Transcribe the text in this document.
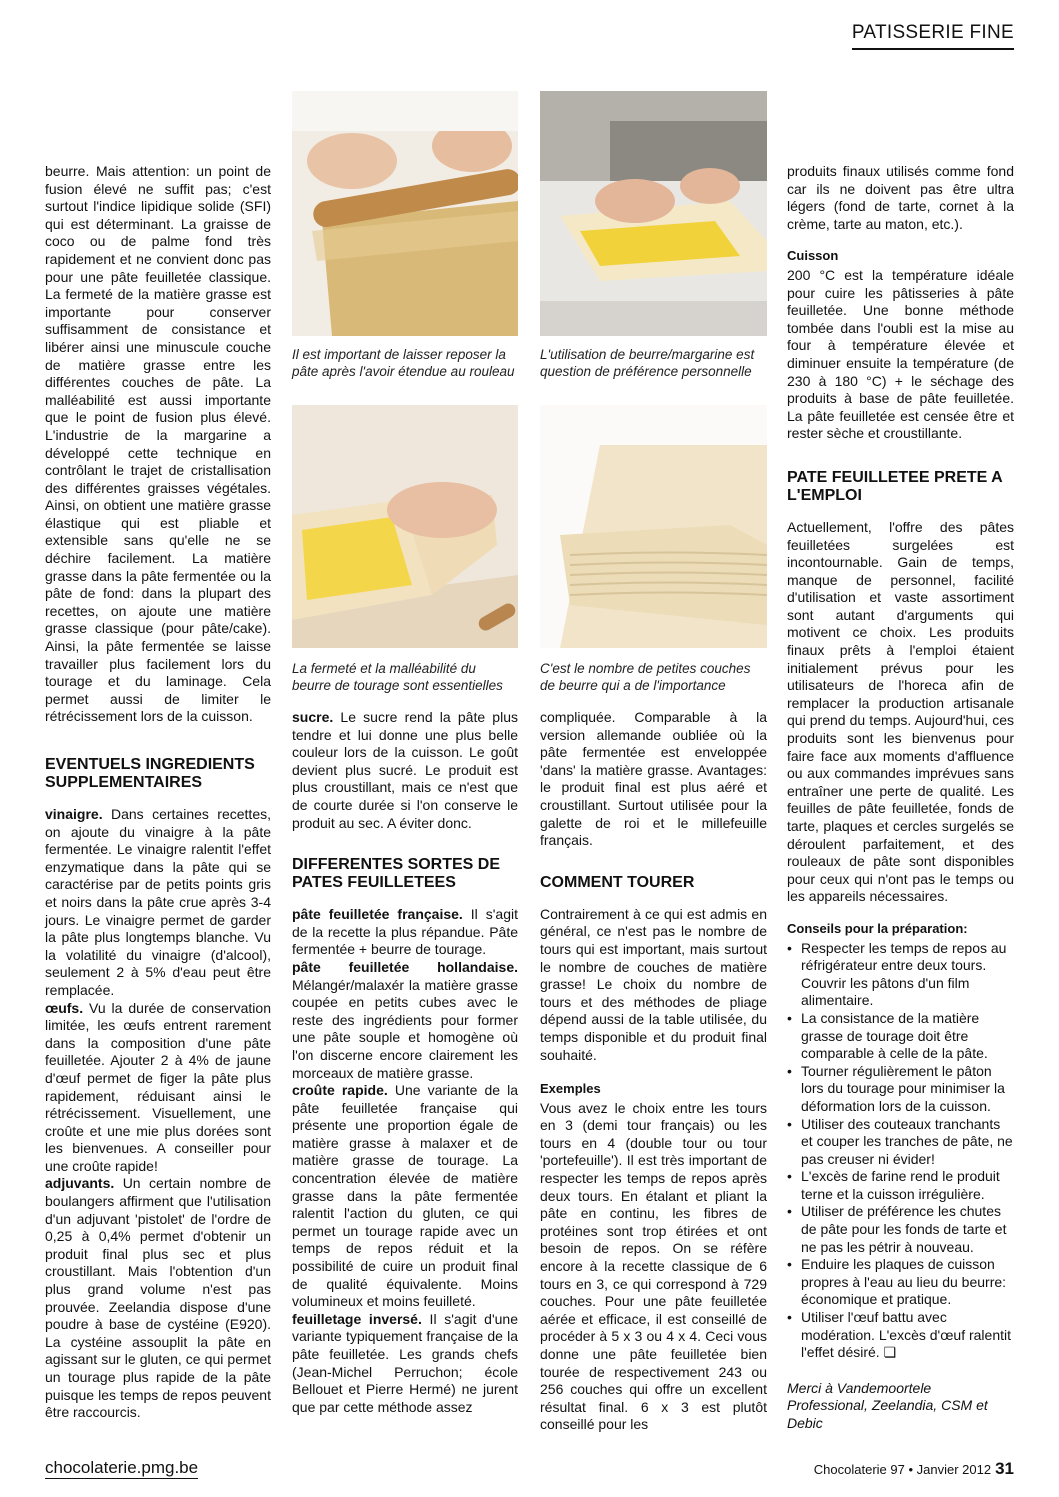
PATISSERIE FINE

beurre. Mais attention: un point de fusion élevé ne suffit pas; c'est surtout l'indice lipidique solide (SFI) qui est déterminant. La graisse de coco ou de palme fond très rapidement et ne convient donc pas pour une pâte feuilletée classique. La fermeté de la matière grasse est importante pour conserver suffisamment de consistance et libérer ainsi une minuscule couche de matière grasse entre les différentes couches de pâte. La malléabilité est aussi importante que le point de fusion plus élevé. L'industrie de la margarine a développé cette technique en contrôlant le trajet de cristallisation des différentes graisses végétales. Ainsi, on obtient une matière grasse élastique qui est pliable et extensible sans qu'elle ne se déchire facilement. La matière grasse dans la pâte fermentée ou la pâte de fond: dans la plupart des recettes, on ajoute une matière grasse classique (pour pâte/cake). Ainsi, la pâte fermentée se laisse travailler plus facilement lors du tourage et du laminage. Cela permet aussi de limiter le rétrécissement lors de la cuisson.

EVENTUELS INGREDIENTS SUPPLEMENTAIRES

vinaigre. Dans certaines recettes, on ajoute du vinaigre à la pâte fermentée. Le vinaigre ralentit l'effet enzymatique dans la pâte qui se caractérise par de petits points gris et noirs dans la pâte crue après 3-4 jours. Le vinaigre permet de garder la pâte plus longtemps blanche. Vu la volatilité du vinaigre (d'alcool), seulement 2 à 5% d'eau peut être remplacée.

œufs. Vu la durée de conservation limitée, les œufs entrent rarement dans la composition d'une pâte feuilletée. Ajouter 2 à 4% de jaune d'œuf permet de figer la pâte plus rapidement, réduisant ainsi le rétrécissement. Visuellement, une croûte et une mie plus dorées sont les bienvenues. A conseiller pour une croûte rapide!

adjuvants. Un certain nombre de boulangers affirment que l'utilisation d'un adjuvant 'pistolet' de l'ordre de 0,25 à 0,4% permet d'obtenir un produit final plus sec et plus croustillant. Mais l'obtention d'un plus grand volume n'est pas prouvée. Zeelandia dispose d'une poudre à base de cystéine (E920). La cystéine assouplit la pâte en agissant sur le gluten, ce qui permet un tourage plus rapide de la pâte puisque les temps de repos peuvent être raccourcis.

Il est important de laisser reposer la pâte après l'avoir étendue au rouleau
L'utilisation de beurre/margarine est question de préférence personnelle
La fermeté et la malléabilité du beurre de tourage sont essentielles
C'est le nombre de petites couches de beurre qui a de l'importance

sucre. Le sucre rend la pâte plus tendre et lui donne une plus belle couleur lors de la cuisson. Le goût devient plus sucré. Le produit est plus croustillant, mais ce n'est que de courte durée si l'on conserve le produit au sec. A éviter donc.

DIFFERENTES SORTES DE PATES FEUILLETEES

pâte feuilletée française. Il s'agit de la recette la plus répandue. Pâte fermentée + beurre de tourage.

pâte feuilletée hollandaise. Mélangér/malaxér la matière grasse coupée en petits cubes avec le reste des ingrédients pour former une pâte souple et homogène où l'on discerne encore clairement les morceaux de matière grasse.

croûte rapide. Une variante de la pâte feuilletée française qui présente une proportion égale de matière grasse à malaxer et de matière grasse de tourage. La concentration élevée de matière grasse dans la pâte fermentée ralentit l'action du gluten, ce qui permet un tourage rapide avec un temps de repos réduit et la possibilité de cuire un produit final de qualité équivalente. Moins volumineux et moins feuilleté.

feuilletage inversé. Il s'agit d'une variante typiquement française de la pâte feuilletée. Les grands chefs (Jean-Michel Perruchon; école Bellouet et Pierre Hermé) ne jurent que par cette méthode assez

compliquée. Comparable à la version allemande oubliée où la pâte fermentée est enveloppée 'dans' la matière grasse. Avantages: le produit final est plus aéré et croustillant. Surtout utilisée pour la galette de roi et le millefeuille français.

COMMENT TOURER

Contrairement à ce qui est admis en général, ce n'est pas le nombre de tours qui est important, mais surtout le nombre de couches de matière grasse! Le choix du nombre de tours et des méthodes de pliage dépend aussi de la table utilisée, du temps disponible et du produit final souhaité.

Exemples

Vous avez le choix entre les tours en 3 (demi tour français) ou les tours en 4 (double tour ou tour 'portefeuille'). Il est très important de respecter les temps de repos après deux tours. En étalant et pliant la pâte en continu, les fibres de protéines sont trop étirées et ont besoin de repos. On se réfère encore à la recette classique de 6 tours en 3, ce qui correspond à 729 couches. Pour une pâte feuilletée aérée et efficace, il est conseillé de procéder à 5 x 3 ou 4 x 4. Ceci vous donne une pâte feuilletée bien tourée de respectivement 243 ou 256 couches qui offre un excellent résultat final. 6 x 3 est plutôt conseillé pour les

produits finaux utilisés comme fond car ils ne doivent pas être ultra légers (fond de tarte, cornet à la crème, tarte au maton, etc.).

Cuisson

200 °C est la température idéale pour cuire les pâtisseries à pâte feuilletée. Une bonne méthode tombée dans l'oubli est la mise au four à température élevée et diminuer ensuite la température (de 230 à 180 °C) + le séchage des produits à base de pâte feuilletée. La pâte feuilletée est censée être et rester sèche et croustillante.

PATE FEUILLETEE PRETE A L'EMPLOI

Actuellement, l'offre des pâtes feuilletées surgelées est incontournable. Gain de temps, manque de personnel, facilité d'utilisation et vaste assortiment sont autant d'arguments qui motivent ce choix. Les produits finaux prêts à l'emploi étaient initialement prévus pour les utilisateurs de l'horeca afin de remplacer la production artisanale qui prend du temps. Aujourd'hui, ces produits sont les bienvenus pour faire face aux moments d'affluence ou aux commandes imprévues sans entraîner une perte de qualité. Les feuilles de pâte feuilletée, fonds de tarte, plaques et cercles surgelés se déroulent parfaitement, et des rouleaux de pâte sont disponibles pour ceux qui n'ont pas le temps ou les appareils nécessaires.

Conseils pour la préparation:
• Respecter les temps de repos au réfrigérateur entre deux tours. Couvrir les pâtons d'un film alimentaire.
• La consistance de la matière grasse de tourage doit être comparable à celle de la pâte.
• Tourner régulièrement le pâton lors du tourage pour minimiser la déformation lors de la cuisson.
• Utiliser des couteaux tranchants et couper les tranches de pâte, ne pas creuser ni évider!
• L'excès de farine rend le produit terne et la cuisson irrégulière.
• Utiliser de préférence les chutes de pâte pour les fonds de tarte et ne pas les pétrir à nouveau.
• Enduire les plaques de cuisson propres à l'eau au lieu du beurre: économique et pratique.
• Utiliser l'œuf battu avec modération. L'excès d'œuf ralentit l'effet désiré. ❏

Merci à Vandemoortele Professional, Zeelandia, CSM et Debic

chocolaterie.pmg.be	Chocolaterie 97 • Janvier 2012 31
